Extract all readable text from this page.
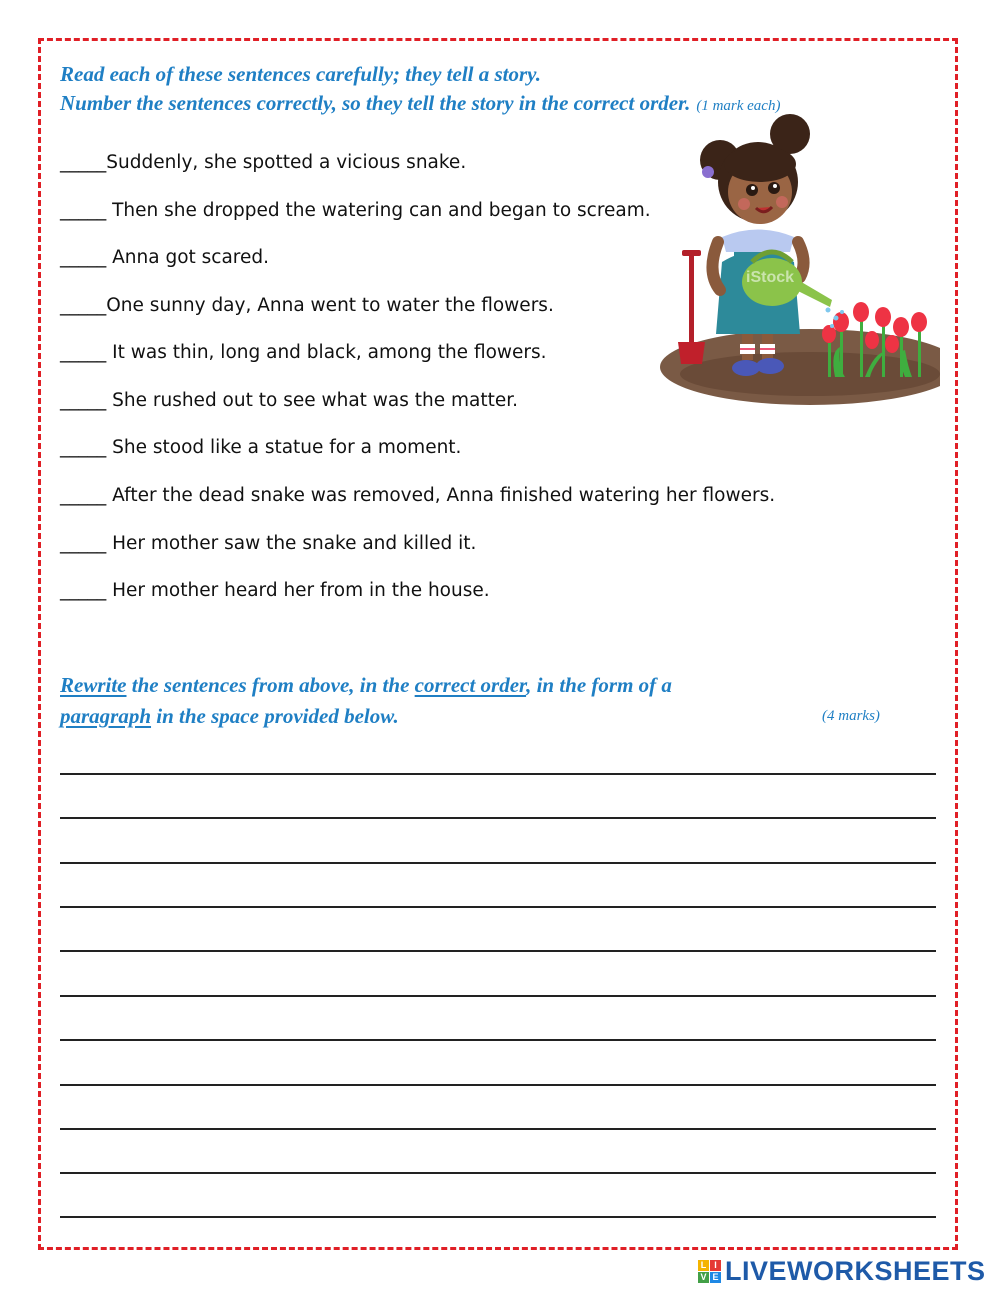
Read each of these sentences carefully; they tell a story.
Number the sentences correctly, so they tell the story in the correct order. (1 mark each)
iStock
_____Suddenly, she spotted a vicious snake.
_____ Then she dropped the watering can and began to scream.
_____ Anna got scared.
_____One sunny day, Anna went to water the flowers.
_____ It was thin, long and black, among the flowers.
_____ She rushed out to see what was the matter.
_____ She stood like a statue for a moment.
_____ After the dead snake was removed, Anna finished watering her flowers.
_____ Her mother saw the snake and killed it.
_____ Her mother heard her from in the house.
Rewrite the sentences from above, in the correct order, in the form of a
paragraph in the space provided below.	(4 marks)
L I
V E LIVEWORKSHEETS
